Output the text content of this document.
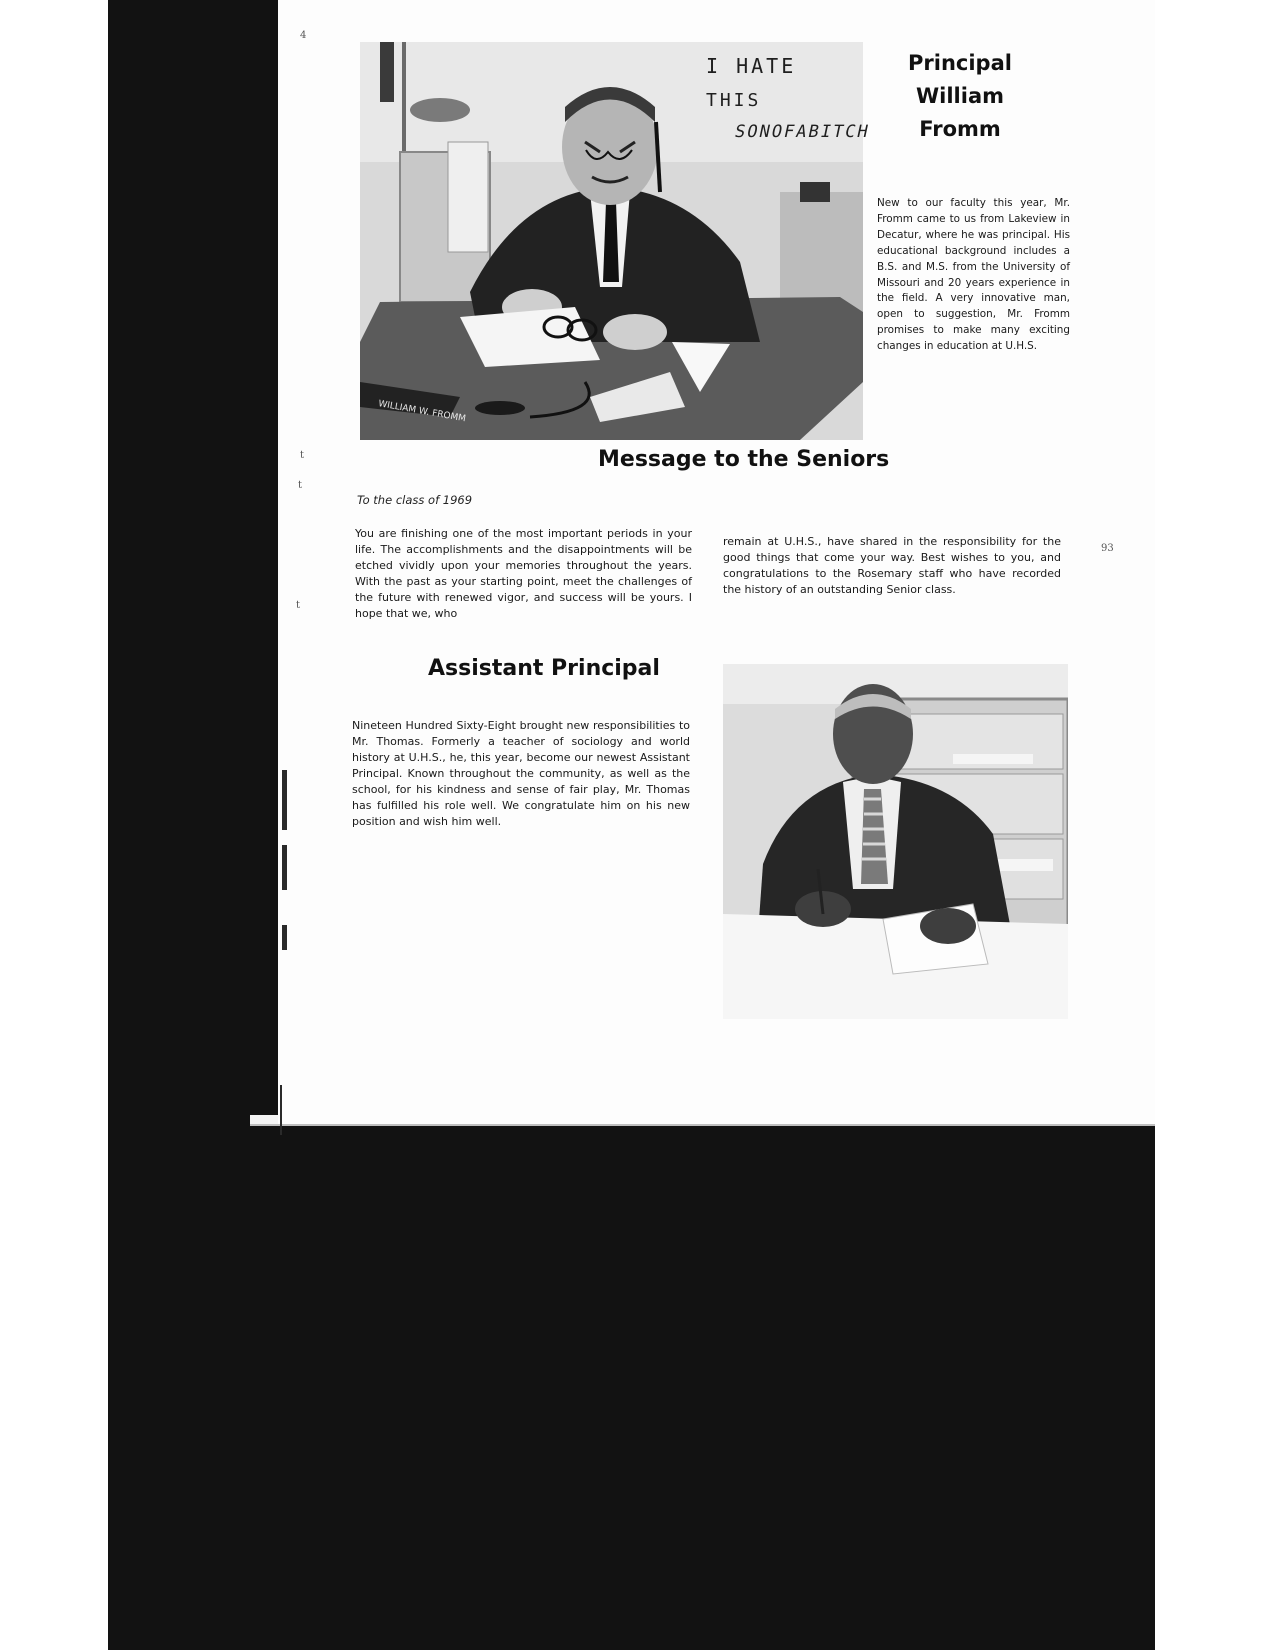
WILLIAM W. FROMM
I HATE
THIS
SONOFABITCH
Principal
William
Fromm
New to our faculty this year, Mr. Fromm came to us from Lakeview in Decatur, where he was principal. His educational background includes a B.S. and M.S. from the University of Missouri and 20 years experience in the field. A very innovative man, open to suggestion, Mr. Fromm promises to make many exciting changes in education at U.H.S.
Message to the Seniors
To the class of 1969
You are finishing one of the most important periods in your life. The accomplishments and the disappointments will be etched vividly upon your memories throughout the years. With the past as your starting point, meet the challenges of the future with renewed vigor, and success will be yours. I hope that we, who
remain at U.H.S., have shared in the responsibility for the good things that come your way. Best wishes to you, and congratulations to the Rosemary staff who have recorded the history of an outstanding Senior class.
93
Assistant Principal
Nineteen Hundred Sixty-Eight brought new responsibilities to Mr. Thomas. Formerly a teacher of sociology and world history at U.H.S., he, this year, become our newest Assistant Principal. Known throughout the community, as well as the school, for his kindness and sense of fair play, Mr. Thomas has fulfilled his role well. We congratulate him on his new position and wish him well.
4
t
t
t
